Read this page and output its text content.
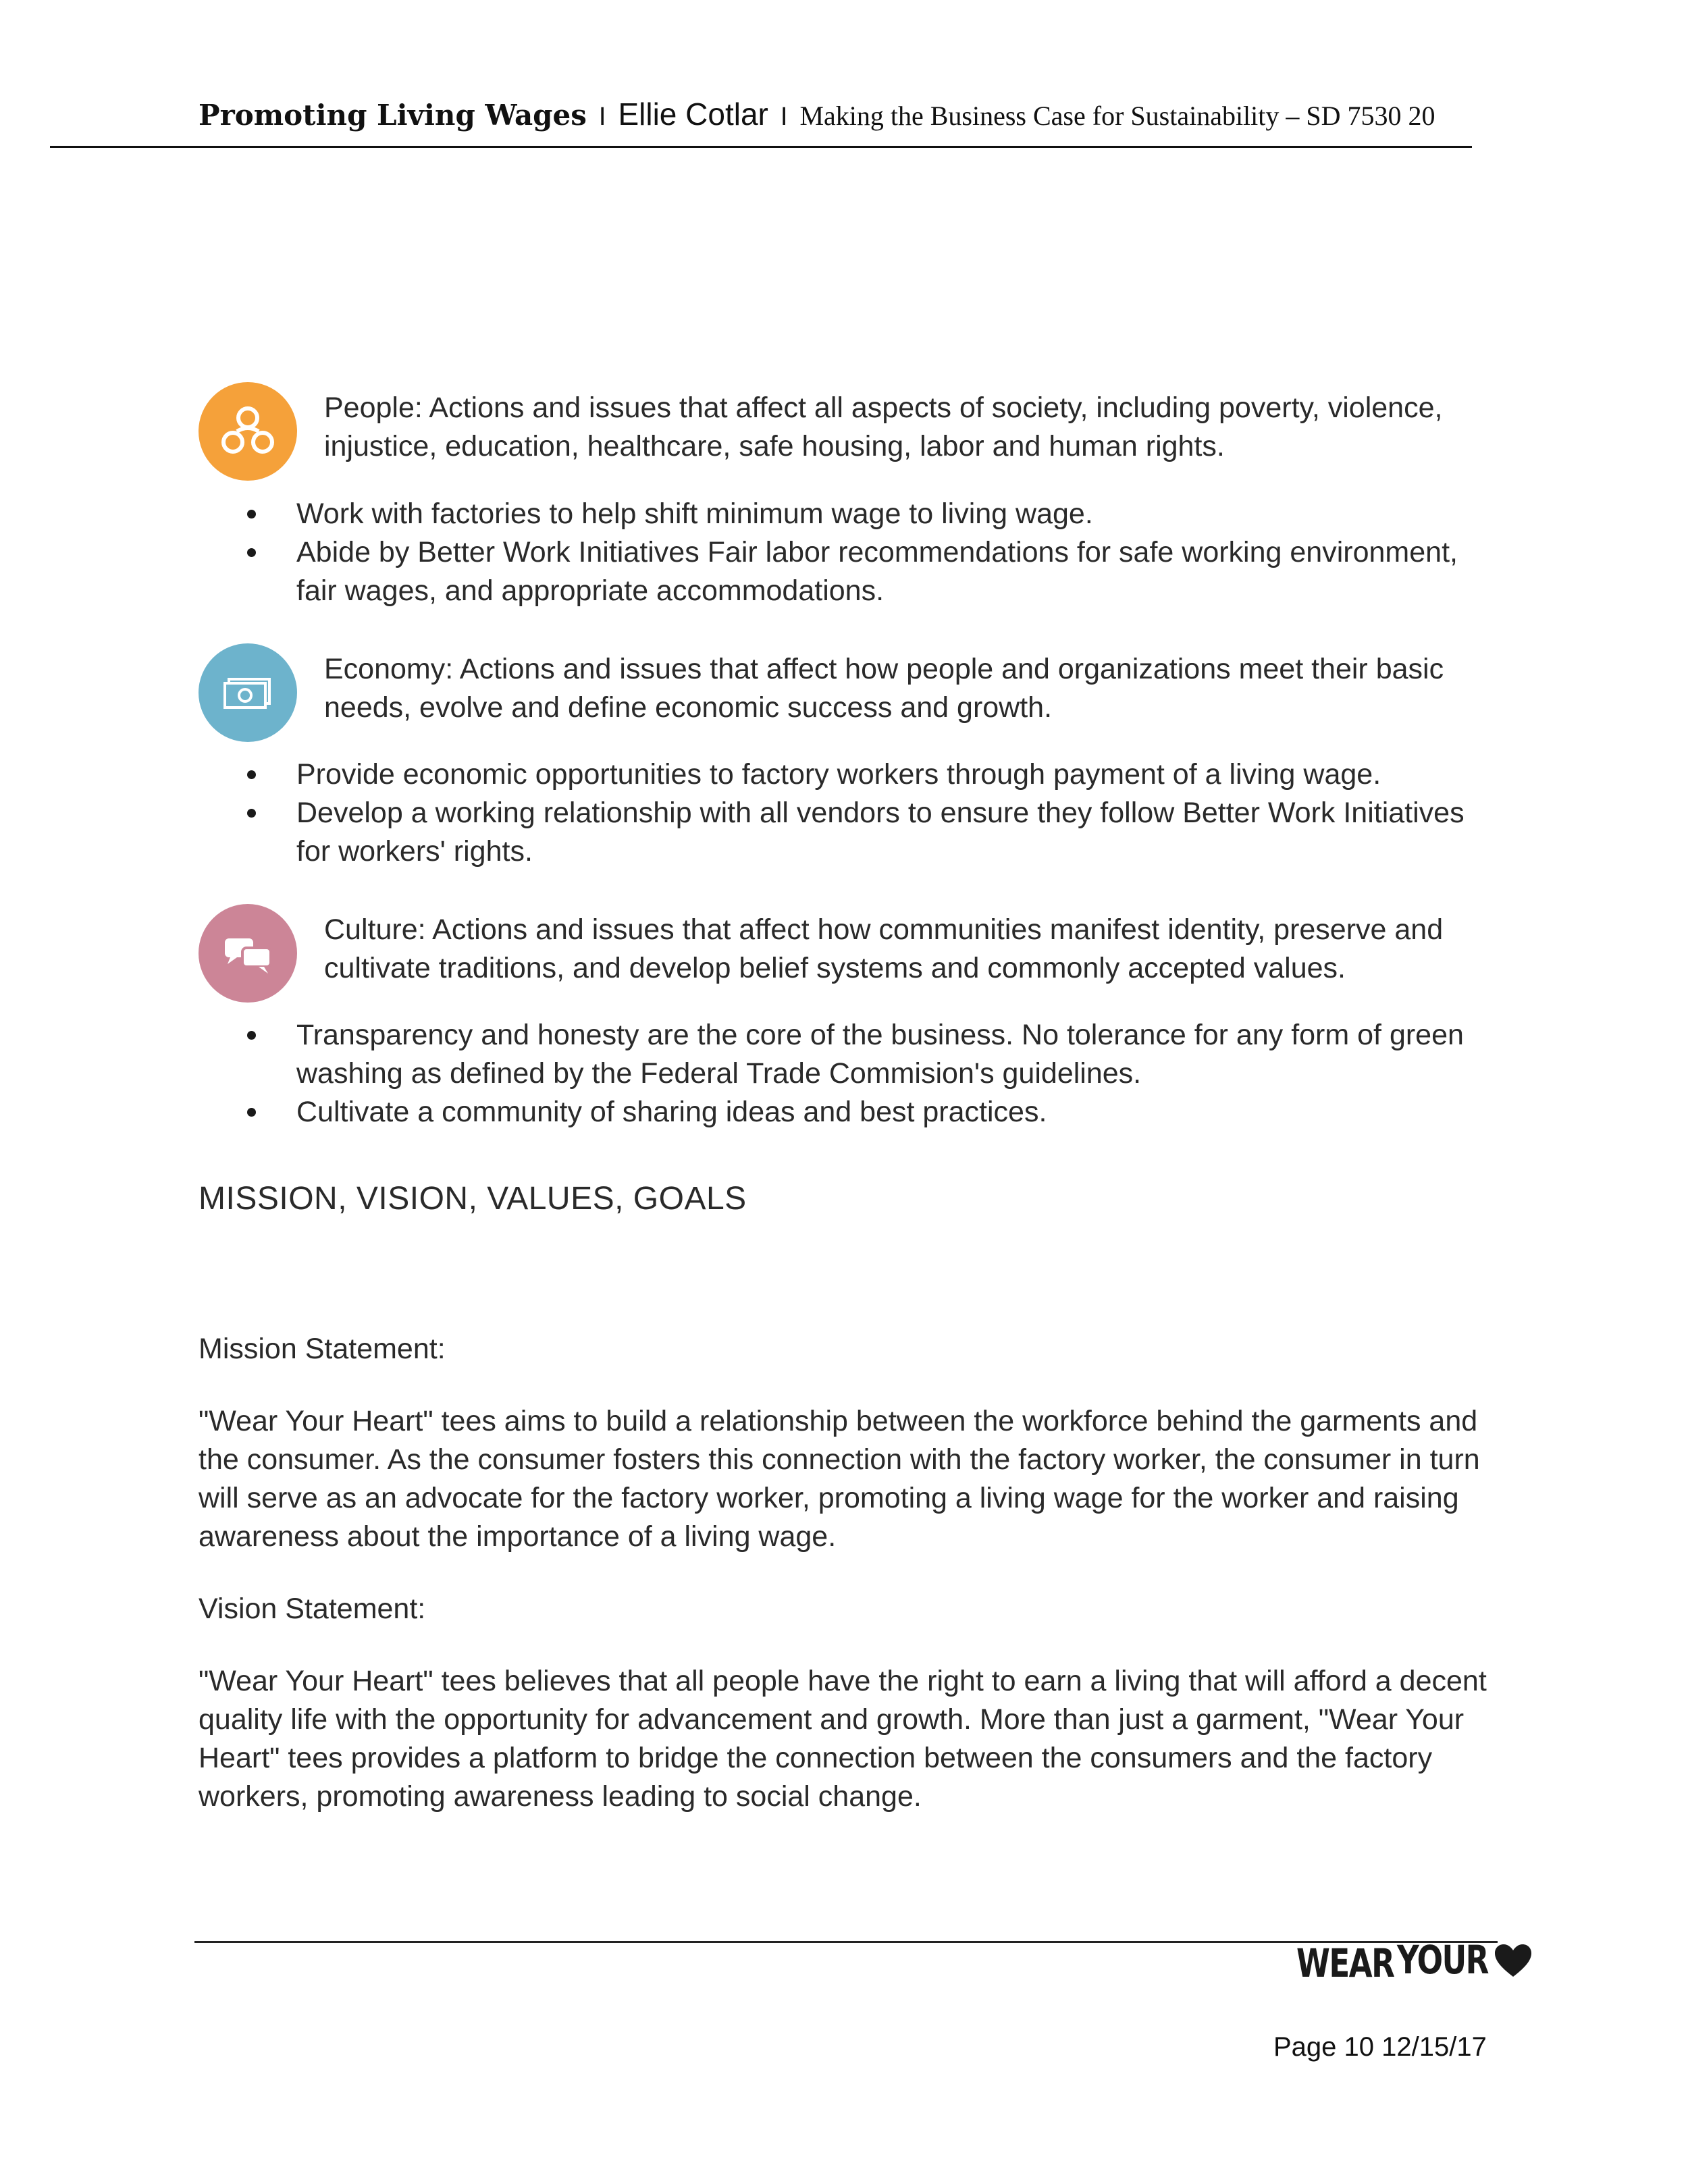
Promoting Living Wages I Ellie Cotlar I Making the Business Case for Sustainability – SD 7530 20
People: Actions and issues that affect all aspects of society, including poverty, violence, injustice, education, healthcare, safe housing, labor and human rights.
Work with factories to help shift minimum wage to living wage.
Abide by Better Work Initiatives Fair labor recommendations for safe working environment, fair wages, and appropriate accommodations.
Economy: Actions and issues that affect how people and organizations meet their basic needs, evolve and define economic success and growth.
Provide economic opportunities to factory workers through payment of a living wage.
Develop a working relationship with all vendors to ensure they follow Better Work Initiatives for workers' rights.
Culture: Actions and issues that affect how communities manifest identity, preserve and cultivate traditions, and develop belief systems and commonly accepted values.
Transparency and honesty are the core of the business. No tolerance for any form of green washing as defined by the Federal Trade Commision's guidelines.
Cultivate a community of sharing ideas and best practices.
MISSION, VISION, VALUES, GOALS
Mission Statement:
"Wear Your Heart" tees aims to build a relationship between the workforce behind the garments and the consumer. As the consumer fosters this connection with the factory worker, the consumer in turn will serve as an advocate for the factory worker, promoting a living wage for the worker and raising awareness about the importance of a living wage.
Vision Statement:
"Wear Your Heart" tees believes that all people have the right to earn a living that will afford a decent quality life with the opportunity for advancement and growth. More than just a garment, "Wear Your Heart" tees provides a platform to bridge the connection between the consumers and the factory workers, promoting awareness leading to social change.
WEAR YOUR
Page 10 12/15/17
